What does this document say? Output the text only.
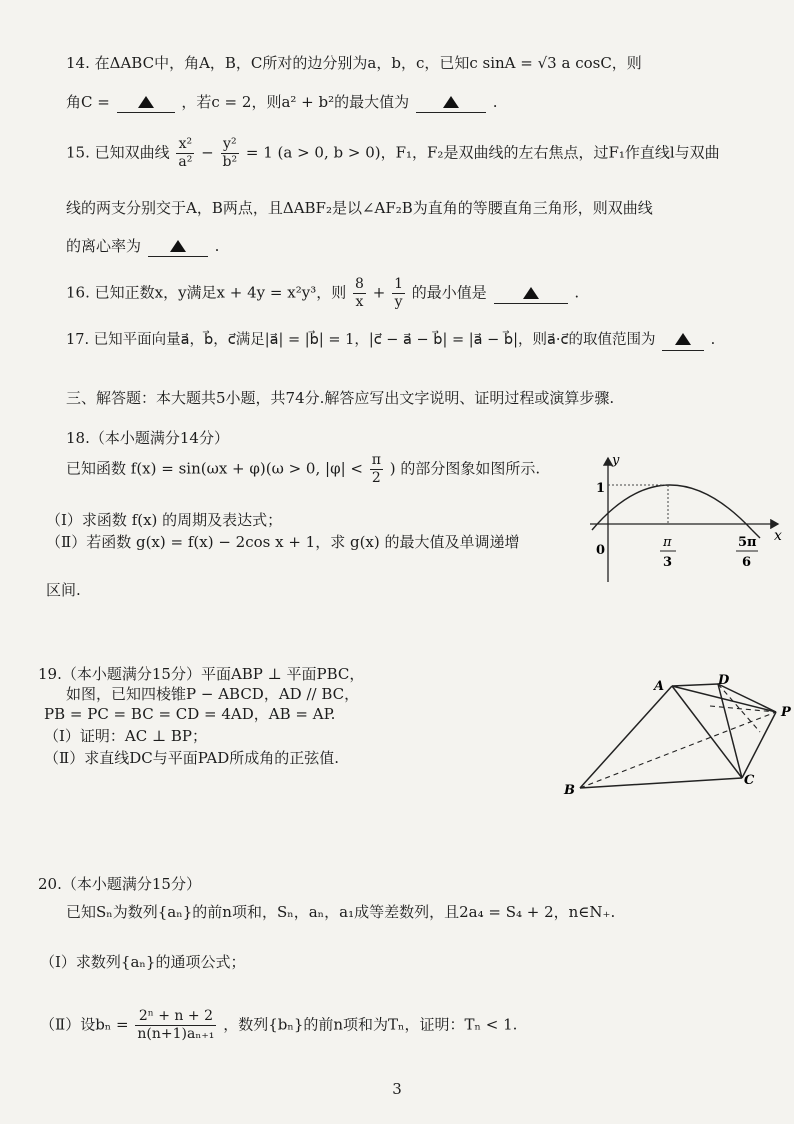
14. 在ΔABC中，角A，B，C所对的边分别为a，b，c，已知c sinA = √3 a cosC，则
角C =	，若c = 2，则a² + b²的最大值为	.
15. 已知双曲线 $\frac{\text{x²}}{\text{a²}} - \frac{\text{y²}}{\text{b²}} = 1$ (a > 0, b > 0)，F₁，F₂是双曲线的左右焦点，过F₁作直线l与双曲
线的两支分别交于A，B两点，且ΔABF₂是以∠AF₂B为直角的等腰直角三角形，则双曲线
的离心率为	.
16. 已知正数x，y满足x + 4y = x²y³，则 $\frac{8}{x} + \frac{1}{y}$ 的最小值是	.
17. 已知平面向量a⃗，b⃗，c⃗满足|a⃗| = |b⃗| = 1，|c⃗ − a⃗ − b⃗| = |a⃗ − b⃗|，则a⃗·c⃗的取值范围为	.
三、解答题：本大题共5小题，共74分.解答应写出文字说明、证明过程或演算步骤.
18.（本小题满分14分）
已知函数 f(x) = sin(ωx + φ)(ω > 0, $|\varphi| < \frac{\pi}{2}$ ) 的部分图象如图所示.
（Ⅰ）求函数 f(x) 的周期及表达式；
（Ⅱ）若函数 g(x) = f(x) − 2cos x + 1，求 g(x) 的最大值及单调递增
区间.
y
x
0
1
π
3
5π
6
19.（本小题满分15分）平面ABP ⊥ 平面PBC，
如图，已知四棱锥P − ABCD，AD // BC，
PB = PC = BC = CD = 4AD，AB = AP.
（Ⅰ）证明：AC ⊥ BP；
（Ⅱ）求直线DC与平面PAD所成角的正弦值.
A	D
P
B
C
20.（本小题满分15分）
已知Sₙ为数列{aₙ}的前n项和，Sₙ，aₙ，a₁成等差数列，且2a₄ = S₄ + 2，n∈N₊.
（Ⅰ）求数列{aₙ}的通项公式；
（Ⅱ）设$b_n = \frac{\text{2ⁿ + n + 2}}{\text{n(n+1)aₙ₊₁}}$ ，数列{bₙ}的前n项和为Tₙ，证明：Tₙ < 1.
3
